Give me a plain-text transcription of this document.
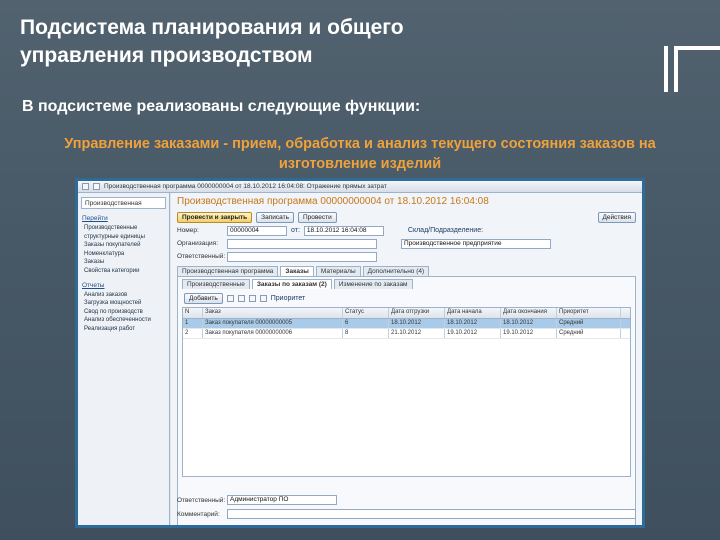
Подсистема планирования и общего
управления производством
В подсистеме реализованы следующие функции:
Управление заказами - прием, обработка и анализ текущего состояния заказов на
изготовление изделий
Производственная программа 0000000004 от 18.10.2012 16:04:08: Отражение прямых затрат
Производственная
Перейти
Производственные
структурные единицы
Заказы покупателей
Номенклатура
Заказы
Свойства категории
Отчеты
Анализ заказов
Загрузка мощностей
Свод по производств
Анализ обеспеченности
Реализация работ
Производственная программа 00000000004 от 18.10.2012 16:04:08
Провести и закрыть	Записать	Провести	Действия
Номер:	00000004	от:	18.10.2012 16:04:08	Склад/Подразделение:
Организация:	Производственное предприятие
Ответственный:
Производственная программа	Заказы	Материалы	Дополнительно (4)
Производственные	Заказы по заказам (2)	Изменение по заказам
Добавить	Приоритет
N	Заказ	Статус	Дата отгрузки	Дата начала	Дата окончания	Приоритет
1	Заказ покупателя 00000000005	6	18.10.2012	18.10.2012	18.10.2012	Средний
2	Заказ покупателя 00000000006	8	21.10.2012	19.10.2012	19.10.2012	Средний
Ответственный: Администратор ПО
Комментарий:
